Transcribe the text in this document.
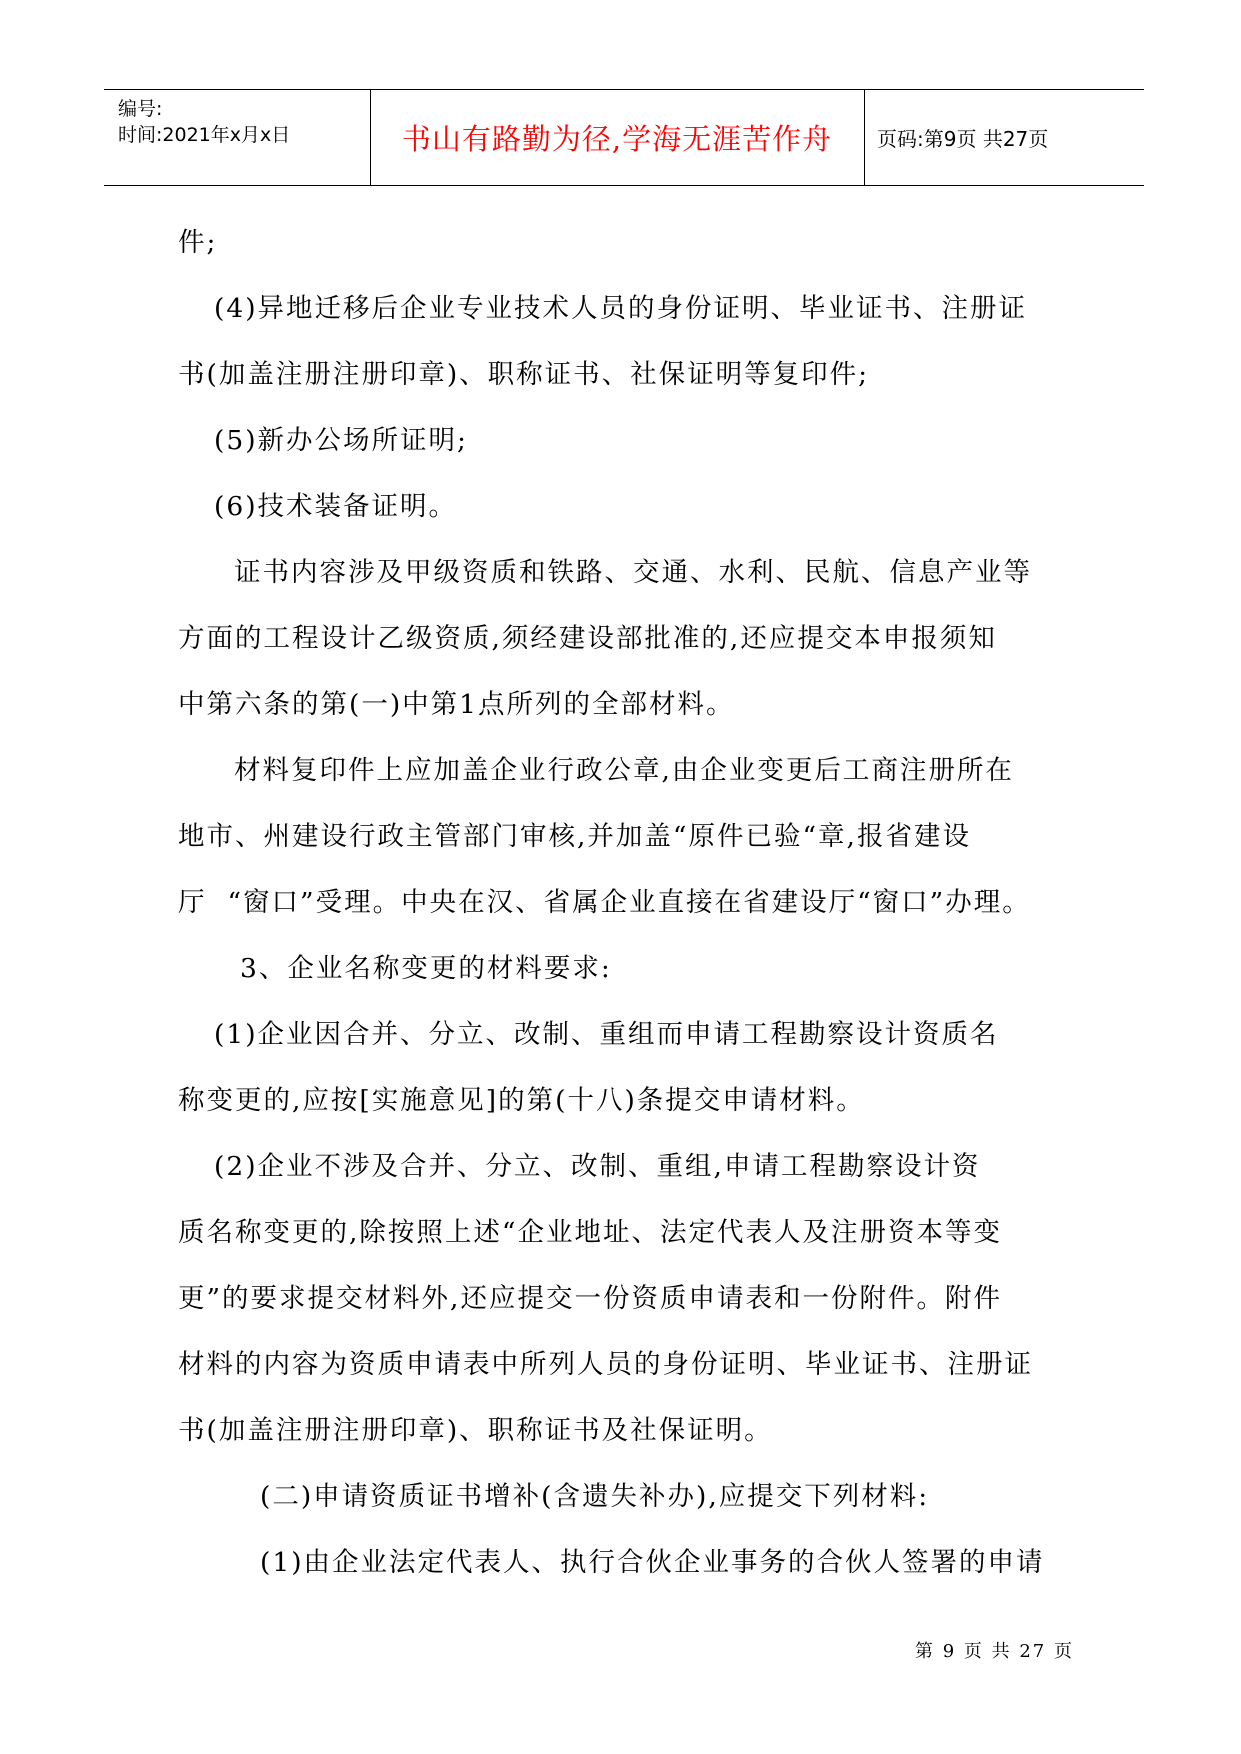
编号:
时间:2021年x月x日	书山有路勤为径,学海无涯苦作舟	页码:第9页 共27页

件;

(4)异地迁移后企业专业技术人员的身份证明、毕业证书、注册证

书(加盖注册注册印章)、职称证书、社保证明等复印件;

(5)新办公场所证明;

(6)技术装备证明。

证书内容涉及甲级资质和铁路、交通、水利、民航、信息产业等

方面的工程设计乙级资质,须经建设部批准的,还应提交本申报须知

中第六条的第(一)中第1点所列的全部材料。

材料复印件上应加盖企业行政公章,由企业变更后工商注册所在

地市、州建设行政主管部门审核,并加盖“原件已验“章,报省建设

厅 “窗口”受理。中央在汉、省属企业直接在省建设厅“窗口”办理。

3、企业名称变更的材料要求:

(1)企业因合并、分立、改制、重组而申请工程勘察设计资质名

称变更的,应按[实施意见]的第(十八)条提交申请材料。

(2)企业不涉及合并、分立、改制、重组,申请工程勘察设计资

质名称变更的,除按照上述“企业地址、法定代表人及注册资本等变

更”的要求提交材料外,还应提交一份资质申请表和一份附件。附件

材料的内容为资质申请表中所列人员的身份证明、毕业证书、注册证

书(加盖注册注册印章)、职称证书及社保证明。

(二)申请资质证书增补(含遗失补办),应提交下列材料:

(1)由企业法定代表人、执行合伙企业事务的合伙人签署的申请

第 9 页 共 27 页
